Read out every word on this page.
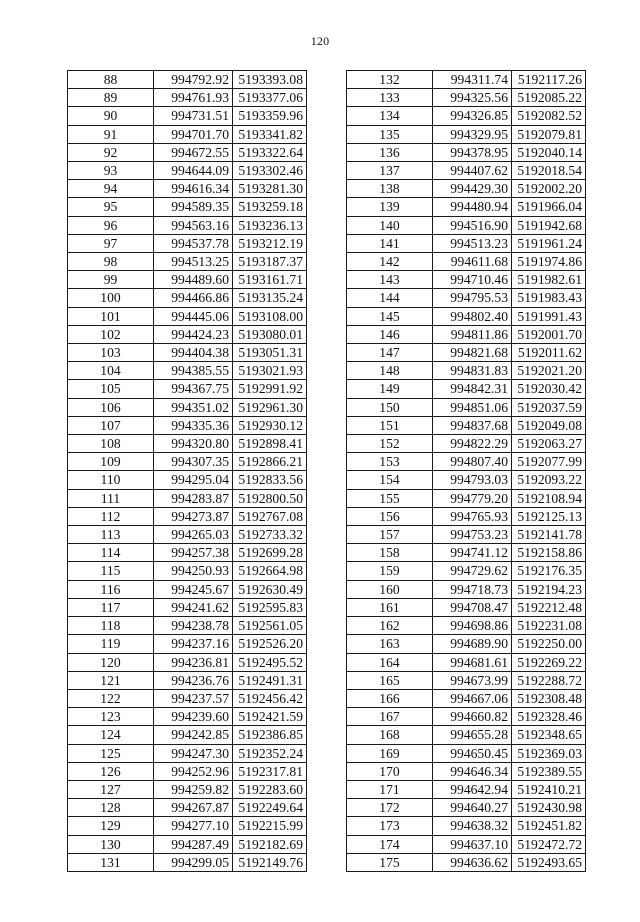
120
88	994792.92	5193393.08
89	994761.93	5193377.06
90	994731.51	5193359.96
91	994701.70	5193341.82
92	994672.55	5193322.64
93	994644.09	5193302.46
94	994616.34	5193281.30
95	994589.35	5193259.18
96	994563.16	5193236.13
97	994537.78	5193212.19
98	994513.25	5193187.37
99	994489.60	5193161.71
100	994466.86	5193135.24
101	994445.06	5193108.00
102	994424.23	5193080.01
103	994404.38	5193051.31
104	994385.55	5193021.93
105	994367.75	5192991.92
106	994351.02	5192961.30
107	994335.36	5192930.12
108	994320.80	5192898.41
109	994307.35	5192866.21
110	994295.04	5192833.56
111	994283.87	5192800.50
112	994273.87	5192767.08
113	994265.03	5192733.32
114	994257.38	5192699.28
115	994250.93	5192664.98
116	994245.67	5192630.49
117	994241.62	5192595.83
118	994238.78	5192561.05
119	994237.16	5192526.20
120	994236.81	5192495.52
121	994236.76	5192491.31
122	994237.57	5192456.42
123	994239.60	5192421.59
124	994242.85	5192386.85
125	994247.30	5192352.24
126	994252.96	5192317.81
127	994259.82	5192283.60
128	994267.87	5192249.64
129	994277.10	5192215.99
130	994287.49	5192182.69
131	994299.05	5192149.76
132	994311.74	5192117.26
133	994325.56	5192085.22
134	994326.85	5192082.52
135	994329.95	5192079.81
136	994378.95	5192040.14
137	994407.62	5192018.54
138	994429.30	5192002.20
139	994480.94	5191966.04
140	994516.90	5191942.68
141	994513.23	5191961.24
142	994611.68	5191974.86
143	994710.46	5191982.61
144	994795.53	5191983.43
145	994802.40	5191991.43
146	994811.86	5192001.70
147	994821.68	5192011.62
148	994831.83	5192021.20
149	994842.31	5192030.42
150	994851.06	5192037.59
151	994837.68	5192049.08
152	994822.29	5192063.27
153	994807.40	5192077.99
154	994793.03	5192093.22
155	994779.20	5192108.94
156	994765.93	5192125.13
157	994753.23	5192141.78
158	994741.12	5192158.86
159	994729.62	5192176.35
160	994718.73	5192194.23
161	994708.47	5192212.48
162	994698.86	5192231.08
163	994689.90	5192250.00
164	994681.61	5192269.22
165	994673.99	5192288.72
166	994667.06	5192308.48
167	994660.82	5192328.46
168	994655.28	5192348.65
169	994650.45	5192369.03
170	994646.34	5192389.55
171	994642.94	5192410.21
172	994640.27	5192430.98
173	994638.32	5192451.82
174	994637.10	5192472.72
175	994636.62	5192493.65
